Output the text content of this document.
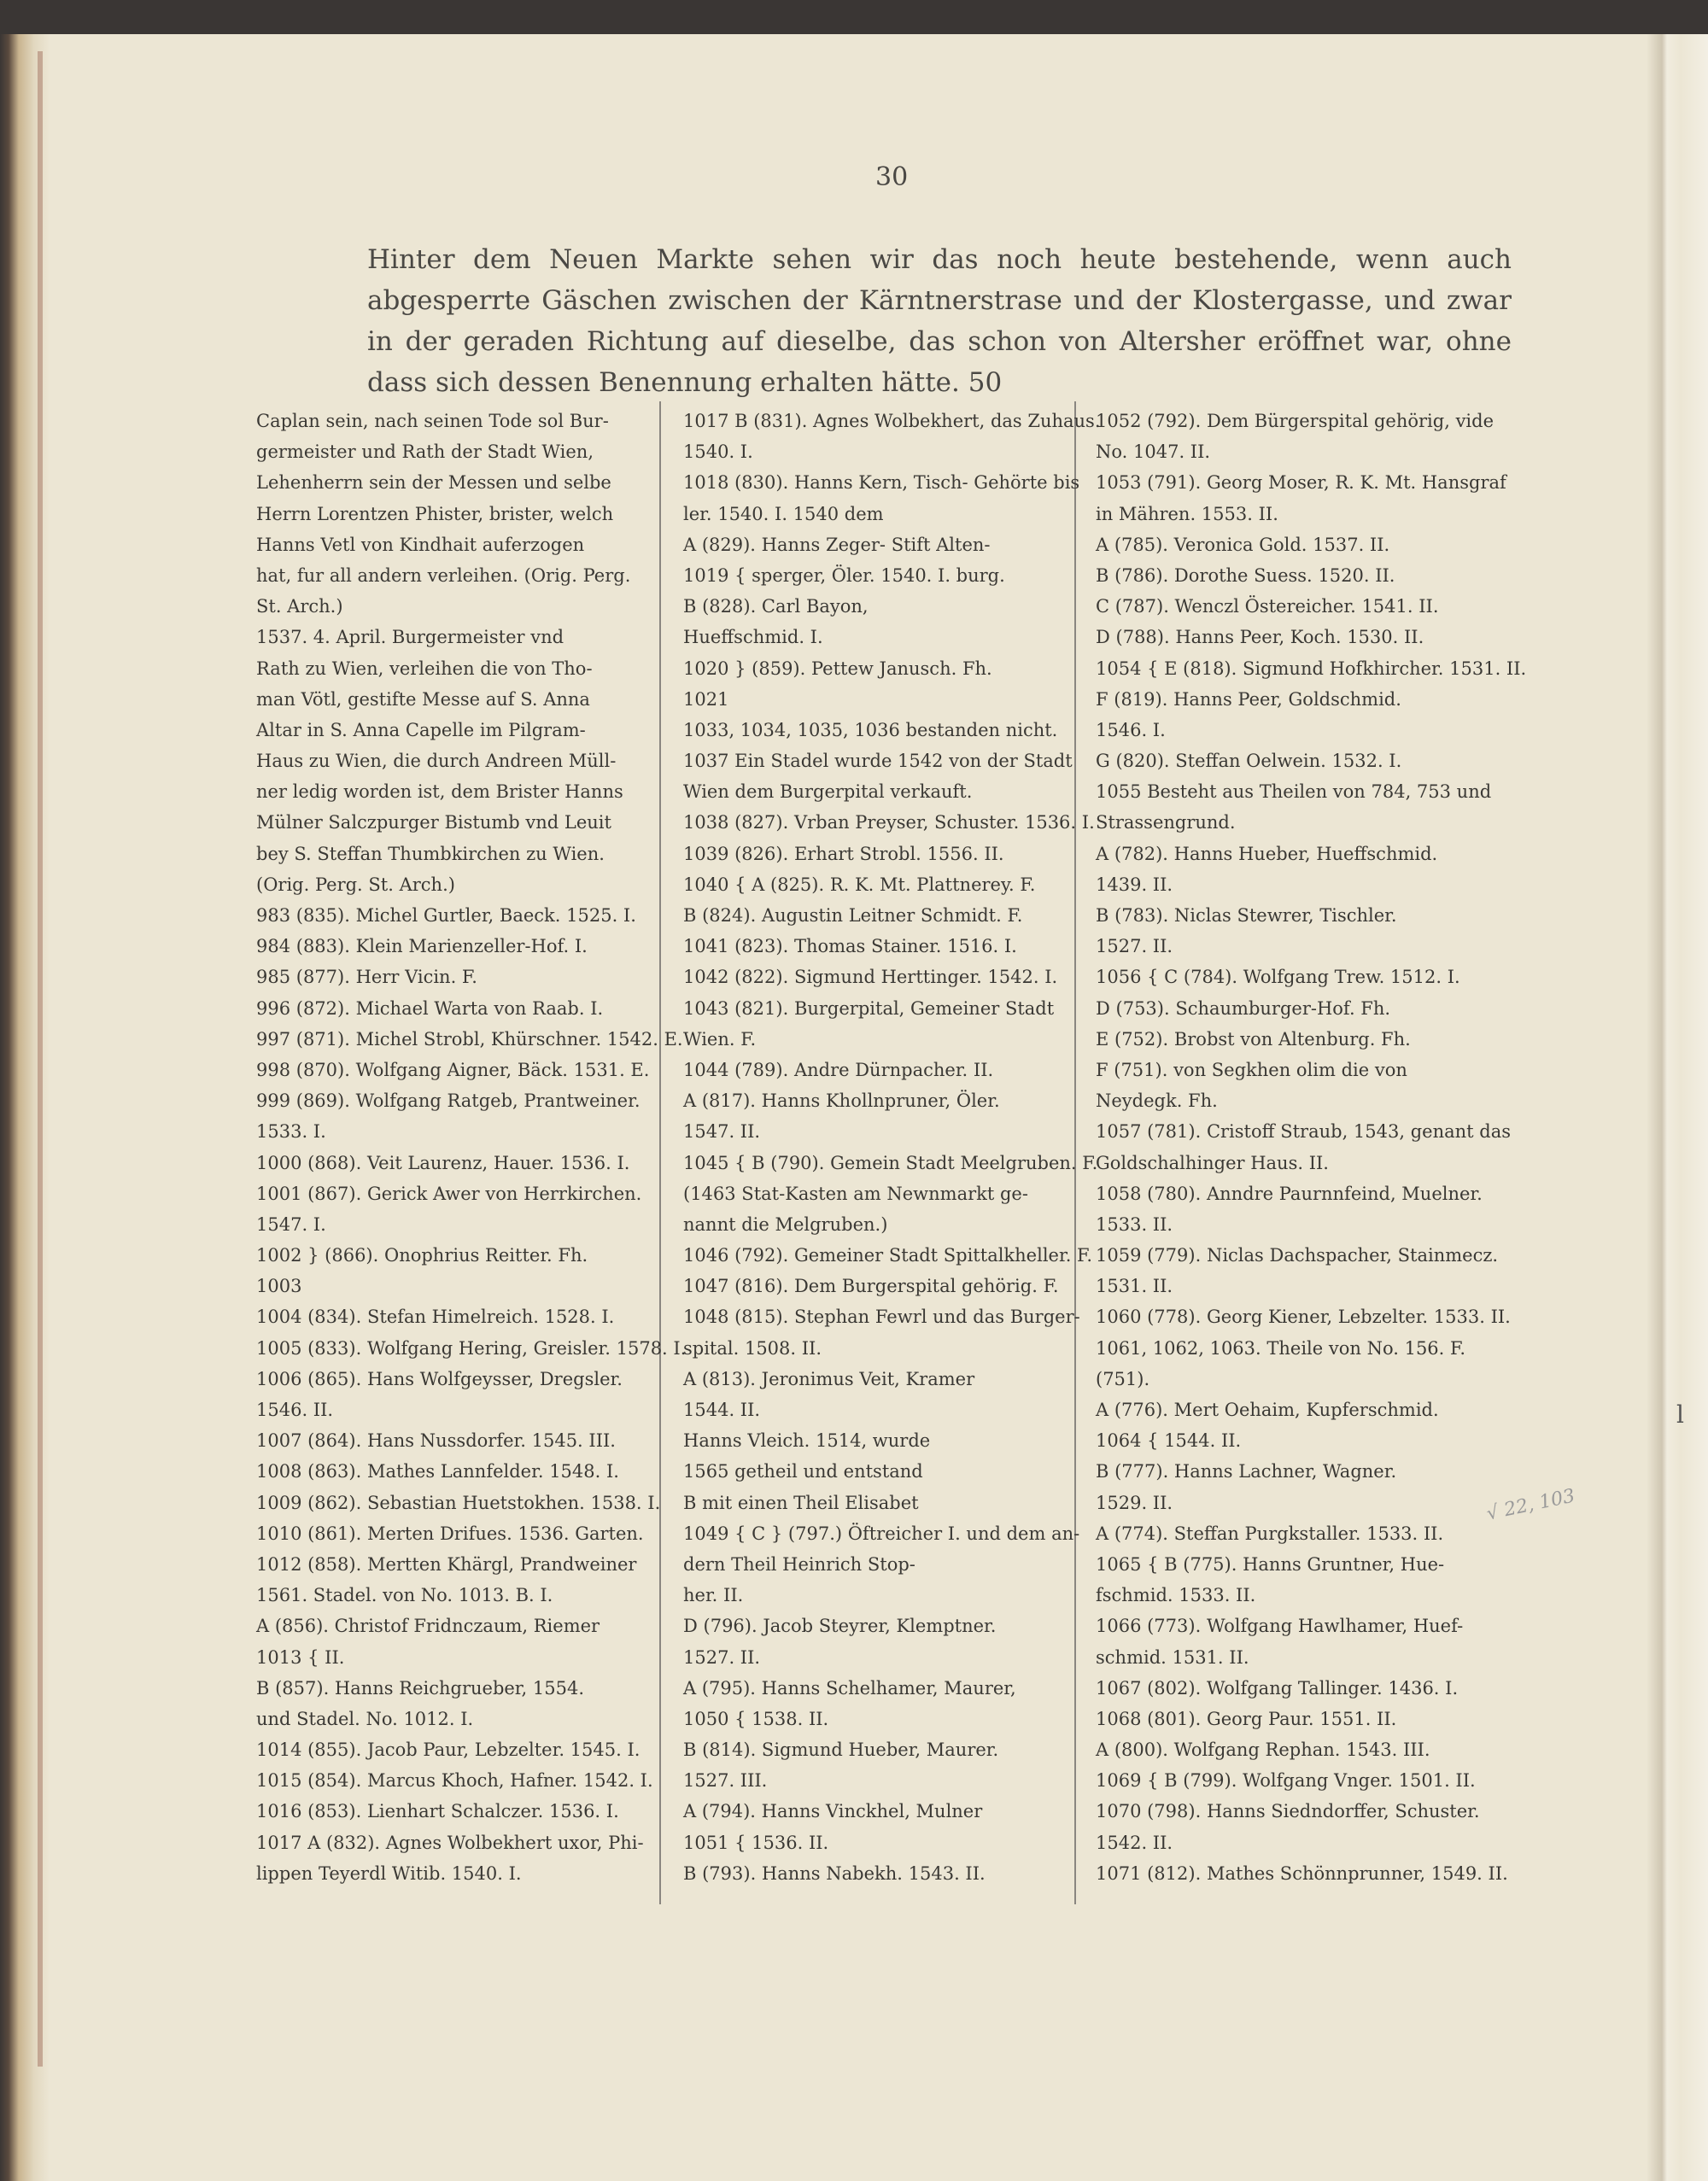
l
30
Hinter dem Neuen Markte sehen wir das noch heute bestehende, wenn auch abgesperrte Gäschen zwischen der Kärntnerstrase und der Klostergasse, und zwar in der geraden Richtung auf dieselbe, das schon von Altersher eröffnet war, ohne dass sich dessen Benennung erhalten hätte. 50
Caplan sein, nach seinen Tode sol Bur-
germeister und Rath der Stadt Wien,
Lehenherrn sein der Messen und selbe
Herrn Lorentzen Phister, brister, welch
Hanns Vetl von Kindhait auferzogen
hat, fur all andern verleihen. (Orig. Perg.
St. Arch.)
1537. 4. April. Burgermeister vnd
Rath zu Wien, verleihen die von Tho-
man Vötl, gestifte Messe auf S. Anna
Altar in S. Anna Capelle im Pilgram-
Haus zu Wien, die durch Andreen Müll-
ner ledig worden ist, dem Brister Hanns
Mülner Salczpurger Bistumb vnd Leuit
bey S. Steffan Thumbkirchen zu Wien.
(Orig. Perg. St. Arch.)
983 (835). Michel Gurtler, Baeck. 1525. I.
984 (883). Klein Marienzeller-Hof. I.
985 (877). Herr Vicin. F.
996 (872). Michael Warta von Raab. I.
997 (871). Michel Strobl, Khürschner. 1542. E.
998 (870). Wolfgang Aigner, Bäck. 1531. E.
999 (869). Wolfgang Ratgeb, Prantweiner.
1533. I.
1000 (868). Veit Laurenz, Hauer. 1536. I.
1001 (867). Gerick Awer von Herrkirchen.
1547. I.
1002 } (866). Onophrius Reitter. Fh.
1003
1004 (834). Stefan Himelreich. 1528. I.
1005 (833). Wolfgang Hering, Greisler. 1578. I.
1006 (865). Hans Wolfgeysser, Dregsler.
1546. II.
1007 (864). Hans Nussdorfer. 1545. III.
1008 (863). Mathes Lannfelder. 1548. I.
1009 (862). Sebastian Huetstokhen. 1538. I.
1010 (861). Merten Drifues. 1536. Garten.
1012 (858). Mertten Khärgl, Prandweiner
1561. Stadel. von No. 1013. B. I.
A (856). Christof Fridnczaum, Riemer
1013 { II.
B (857). Hanns Reichgrueber, 1554.
und Stadel. No. 1012. I.
1014 (855). Jacob Paur, Lebzelter. 1545. I.
1015 (854). Marcus Khoch, Hafner. 1542. I.
1016 (853). Lienhart Schalczer. 1536. I.
1017 A (832). Agnes Wolbekhert uxor, Phi-
lippen Teyerdl Witib. 1540. I.
1017 B (831). Agnes Wolbekhert, das Zuhaus.
1540. I.
1018 (830). Hanns Kern, Tisch- Gehörte bis
ler. 1540. I. 1540 dem
A (829). Hanns Zeger- Stift Alten-
1019 { sperger, Öler. 1540. I. burg.
B (828). Carl Bayon,
Hueffschmid. I.
1020 } (859). Pettew Janusch. Fh.
1021
1033, 1034, 1035, 1036 bestanden nicht.
1037 Ein Stadel wurde 1542 von der Stadt
Wien dem Burgerpital verkauft.
1038 (827). Vrban Preyser, Schuster. 1536. I.
1039 (826). Erhart Strobl. 1556. II.
1040 { A (825). R. K. Mt. Plattnerey. F.
B (824). Augustin Leitner Schmidt. F.
1041 (823). Thomas Stainer. 1516. I.
1042 (822). Sigmund Herttinger. 1542. I.
1043 (821). Burgerpital, Gemeiner Stadt
Wien. F.
1044 (789). Andre Dürnpacher. II.
A (817). Hanns Khollnpruner, Öler.
1547. II.
1045 { B (790). Gemein Stadt Meelgruben. F.
(1463 Stat-Kasten am Newnmarkt ge-
nannt die Melgruben.)
1046 (792). Gemeiner Stadt Spittalkheller. F.
1047 (816). Dem Burgerspital gehörig. F.
1048 (815). Stephan Fewrl und das Burger-
spital. 1508. II.
A (813). Jeronimus Veit, Kramer
1544. II.
Hanns Vleich. 1514, wurde
1565 getheil und entstand
B mit einen Theil Elisabet
1049 { C } (797.) Öftreicher I. und dem an-
dern Theil Heinrich Stop-
her. II.
D (796). Jacob Steyrer, Klemptner.
1527. II.
A (795). Hanns Schelhamer, Maurer,
1050 { 1538. II.
B (814). Sigmund Hueber, Maurer.
1527. III.
A (794). Hanns Vinckhel, Mulner
1051 { 1536. II.
B (793). Hanns Nabekh. 1543. II.
1052 (792). Dem Bürgerspital gehörig, vide
No. 1047. II.
1053 (791). Georg Moser, R. K. Mt. Hansgraf
in Mähren. 1553. II.
A (785). Veronica Gold. 1537. II.
B (786). Dorothe Suess. 1520. II.
C (787). Wenczl Östereicher. 1541. II.
D (788). Hanns Peer, Koch. 1530. II.
1054 { E (818). Sigmund Hofkhircher. 1531. II.
F (819). Hanns Peer, Goldschmid.
1546. I.
G (820). Steffan Oelwein. 1532. I.
1055 Besteht aus Theilen von 784, 753 und
Strassengrund.
A (782). Hanns Hueber, Hueffschmid.
1439. II.
B (783). Niclas Stewrer, Tischler.
1527. II.
1056 { C (784). Wolfgang Trew. 1512. I.
D (753). Schaumburger-Hof. Fh.
E (752). Brobst von Altenburg. Fh.
F (751). von Segkhen olim die von
Neydegk. Fh.
1057 (781). Cristoff Straub, 1543, genant das
Goldschalhinger Haus. II.
1058 (780). Anndre Paurnnfeind, Muelner.
1533. II.
1059 (779). Niclas Dachspacher, Stainmecz.
1531. II.
1060 (778). Georg Kiener, Lebzelter. 1533. II.
1061, 1062, 1063. Theile von No. 156. F.
(751).
A (776). Mert Oehaim, Kupferschmid.
1064 { 1544. II.
B (777). Hanns Lachner, Wagner.
1529. II.
A (774). Steffan Purgkstaller. 1533. II.
1065 { B (775). Hanns Gruntner, Hue-
fschmid. 1533. II.
1066 (773). Wolfgang Hawlhamer, Huef-
schmid. 1531. II.
1067 (802). Wolfgang Tallinger. 1436. I.
1068 (801). Georg Paur. 1551. II.
A (800). Wolfgang Rephan. 1543. III.
1069 { B (799). Wolfgang Vnger. 1501. II.
1070 (798). Hanns Siedndorffer, Schuster.
1542. II.
1071 (812). Mathes Schönnprunner, 1549. II.
√ 22, 103
